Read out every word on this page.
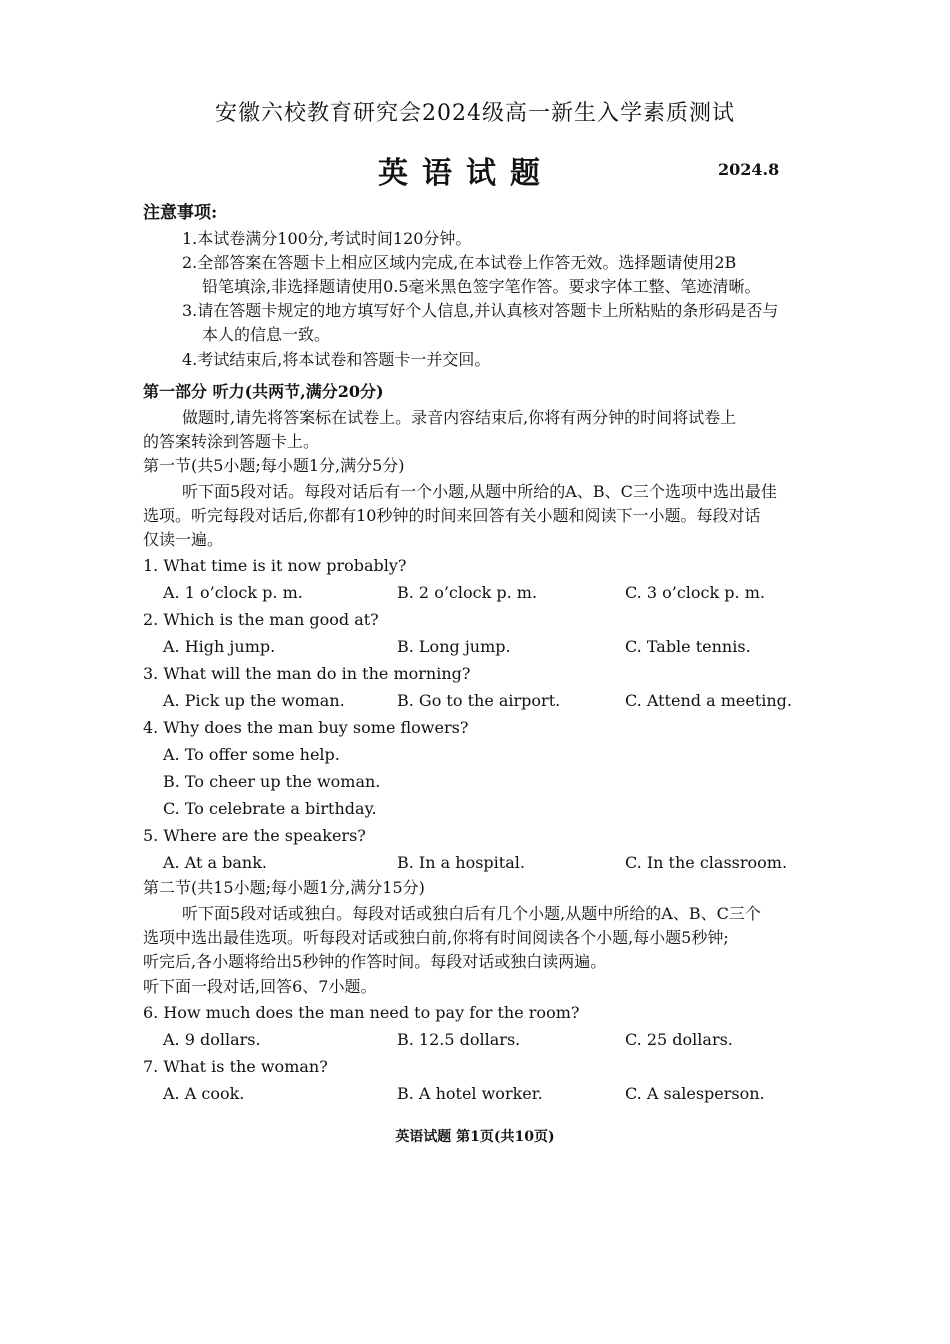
安徽六校教育研究会2024级高一新生入学素质测试
英语试题	2024.8
注意事项:
1.本试卷满分100分,考试时间120分钟。
2.全部答案在答题卡上相应区域内完成,在本试卷上作答无效。选择题请使用2B
铅笔填涂,非选择题请使用0.5毫米黑色签字笔作答。要求字体工整、笔迹清晰。
3.请在答题卡规定的地方填写好个人信息,并认真核对答题卡上所粘贴的条形码是否与
本人的信息一致。
4.考试结束后,将本试卷和答题卡一并交回。
第一部分 听力(共两节,满分20分)
做题时,请先将答案标在试卷上。录音内容结束后,你将有两分钟的时间将试卷上
的答案转涂到答题卡上。
第一节(共5小题;每小题1分,满分5分)
听下面5段对话。每段对话后有一个小题,从题中所给的A、B、C三个选项中选出最佳
选项。听完每段对话后,你都有10秒钟的时间来回答有关小题和阅读下一小题。每段对话
仅读一遍。
1. What time is it now probably?
A. 1 o’clock p. m.	B. 2 o’clock p. m.	C. 3 o’clock p. m.
2. Which is the man good at?
A. High jump.	B. Long jump.	C. Table tennis.
3. What will the man do in the morning?
A. Pick up the woman.	B. Go to the airport.	C. Attend a meeting.
4. Why does the man buy some flowers?
A. To offer some help.
B. To cheer up the woman.
C. To celebrate a birthday.
5. Where are the speakers?
A. At a bank.	B. In a hospital.	C. In the classroom.
第二节(共15小题;每小题1分,满分15分)
听下面5段对话或独白。每段对话或独白后有几个小题,从题中所给的A、B、C三个
选项中选出最佳选项。听每段对话或独白前,你将有时间阅读各个小题,每小题5秒钟;
听完后,各小题将给出5秒钟的作答时间。每段对话或独白读两遍。
听下面一段对话,回答6、7小题。
6. How much does the man need to pay for the room?
A. 9 dollars.	B. 12.5 dollars.	C. 25 dollars.
7. What is the woman?
A. A cook.	B. A hotel worker.	C. A salesperson.
英语试题 第1页(共10页)
